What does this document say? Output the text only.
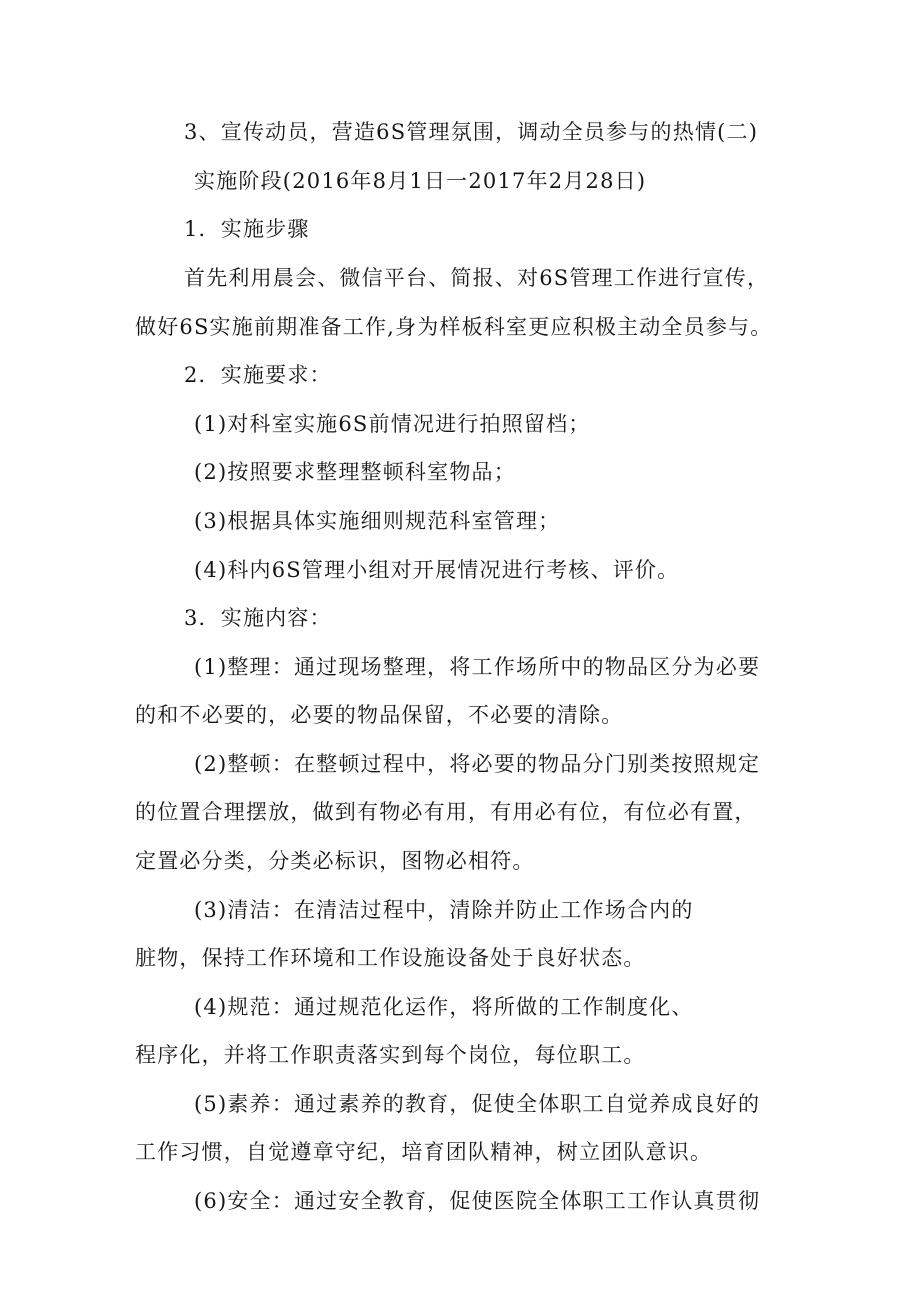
3、宣传动员，营造6S管理氛围，调动全员参与的热情(二)

实施阶段(2016年8月1日一2017年2月28日)

1．实施步骤

首先利用晨会、微信平台、简报、对6S管理工作进行宣传，

做好6S实施前期准备工作,身为样板科室更应积极主动全员参与。

2．实施要求：

(1)对科室实施6S前情况进行拍照留档；

(2)按照要求整理整顿科室物品；

(3)根据具体实施细则规范科室管理；

(4)科内6S管理小组对开展情况进行考核、评价。

3．实施内容：

(1)整理：通过现场整理，将工作场所中的物品区分为必要

的和不必要的，必要的物品保留，不必要的清除。

(2)整顿：在整顿过程中，将必要的物品分门别类按照规定

的位置合理摆放，做到有物必有用，有用必有位，有位必有置，

定置必分类，分类必标识，图物必相符。

(3)清洁：在清洁过程中，清除并防止工作场合内的

脏物，保持工作环境和工作设施设备处于良好状态。

(4)规范：通过规范化运作，将所做的工作制度化、

程序化，并将工作职责落实到每个岗位，每位职工。

(5)素养：通过素养的教育，促使全体职工自觉养成良好的

工作习惯，自觉遵章守纪，培育团队精神，树立团队意识。

(6)安全：通过安全教育，促使医院全体职工工作认真贯彻
